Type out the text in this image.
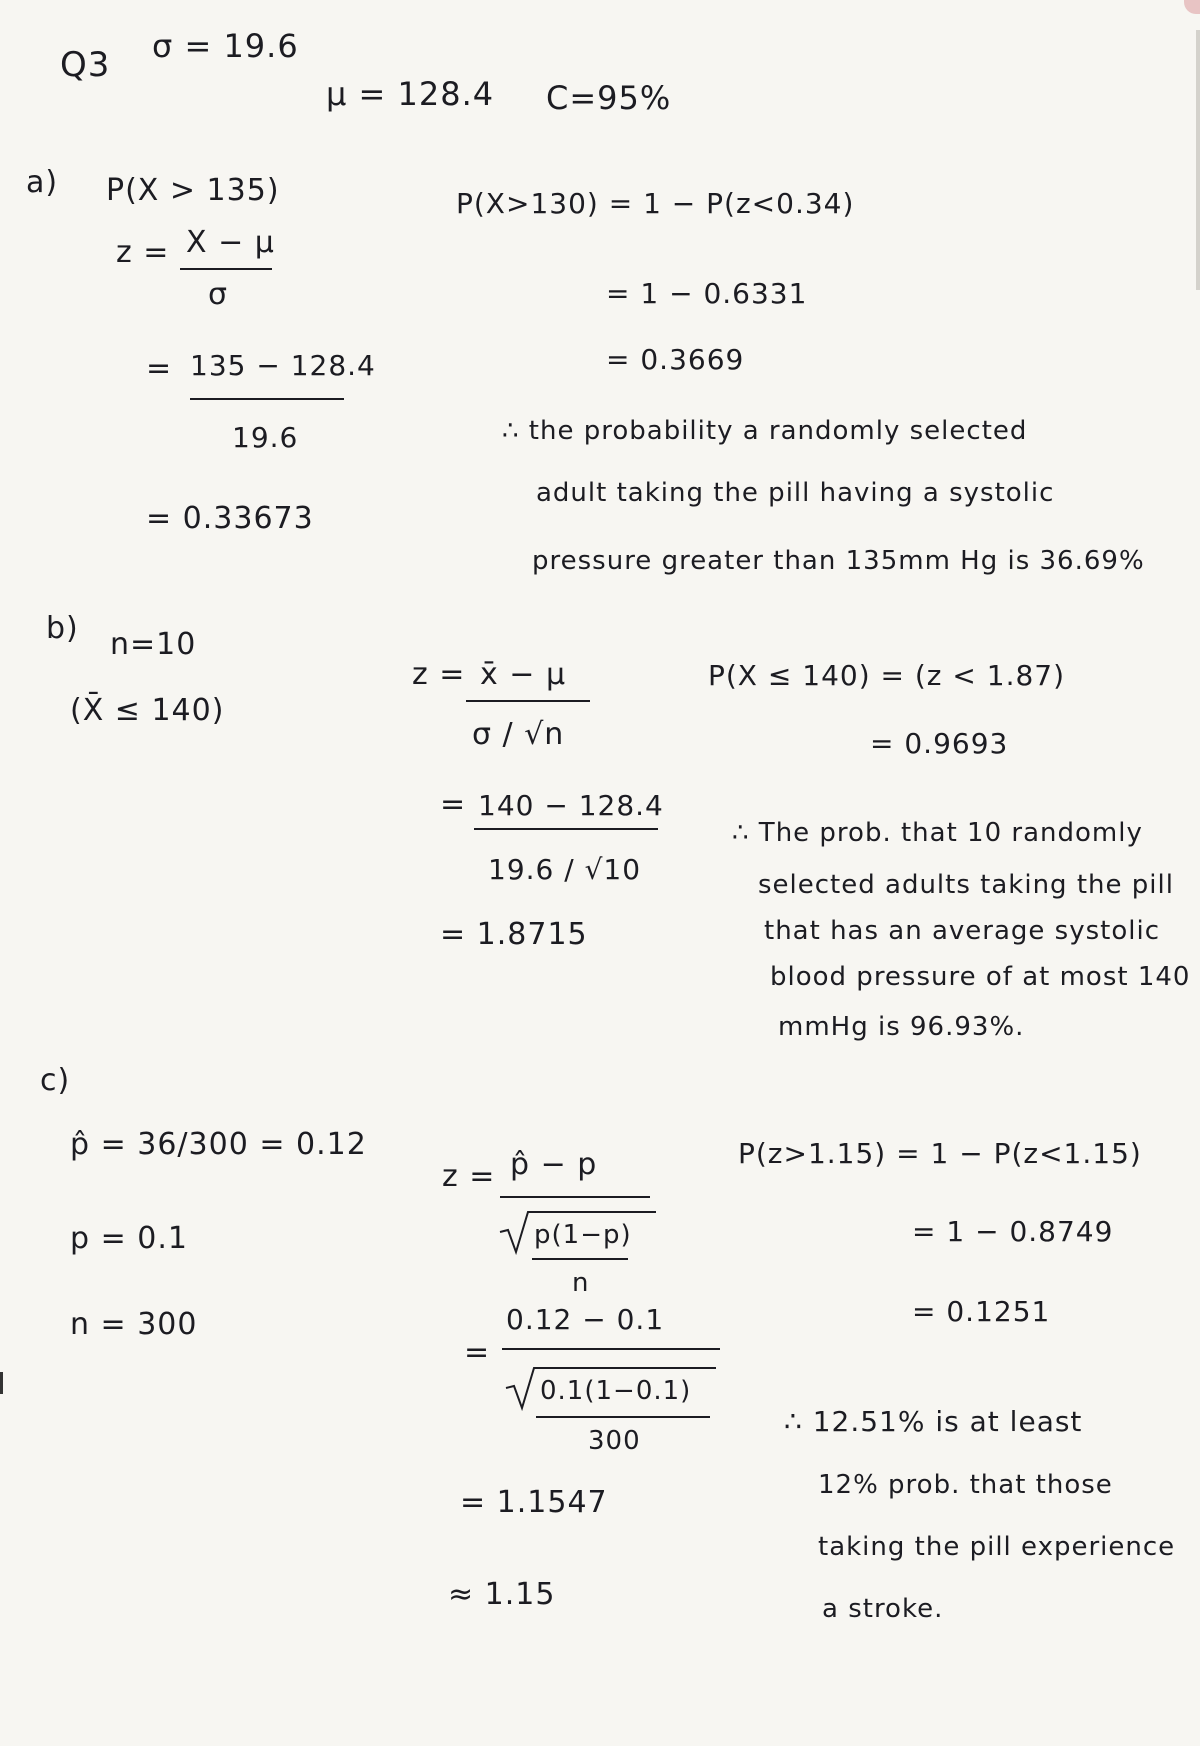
Q3 σ = 19.6
μ = 128.4 C=95%
a) P(X > 135)
z = X − μ
σ
= 135 − 128.4
19.6
= 0.33673
P(X>130) = 1 − P(z<0.34)
= 1 − 0.6331
= 0.3669
∴ the probability a randomly selected
adult taking the pill having a systolic
pressure greater than 135mm Hg is 36.69%
b) n=10
(X̄ ≤ 140)
z = x̄ − μ
σ / √n
= 140 − 128.4
19.6 / √10
= 1.8715
P(X ≤ 140) = (z < 1.87)
= 0.9693
∴ The prob. that 10 randomly
selected adults taking the pill
that has an average systolic
blood pressure of at most 140
mmHg is 96.93%.
c)
p̂ = 36/300 = 0.12
p = 0.1
n = 300
z = p̂ − p
p(1−p)
n
=
0.12 − 0.1
0.1(1−0.1)
300
= 1.1547
≈ 1.15
P(z>1.15) = 1 − P(z<1.15)
= 1 − 0.8749
= 0.1251
∴ 12.51% is at least
12% prob. that those
taking the pill experience
a stroke.
